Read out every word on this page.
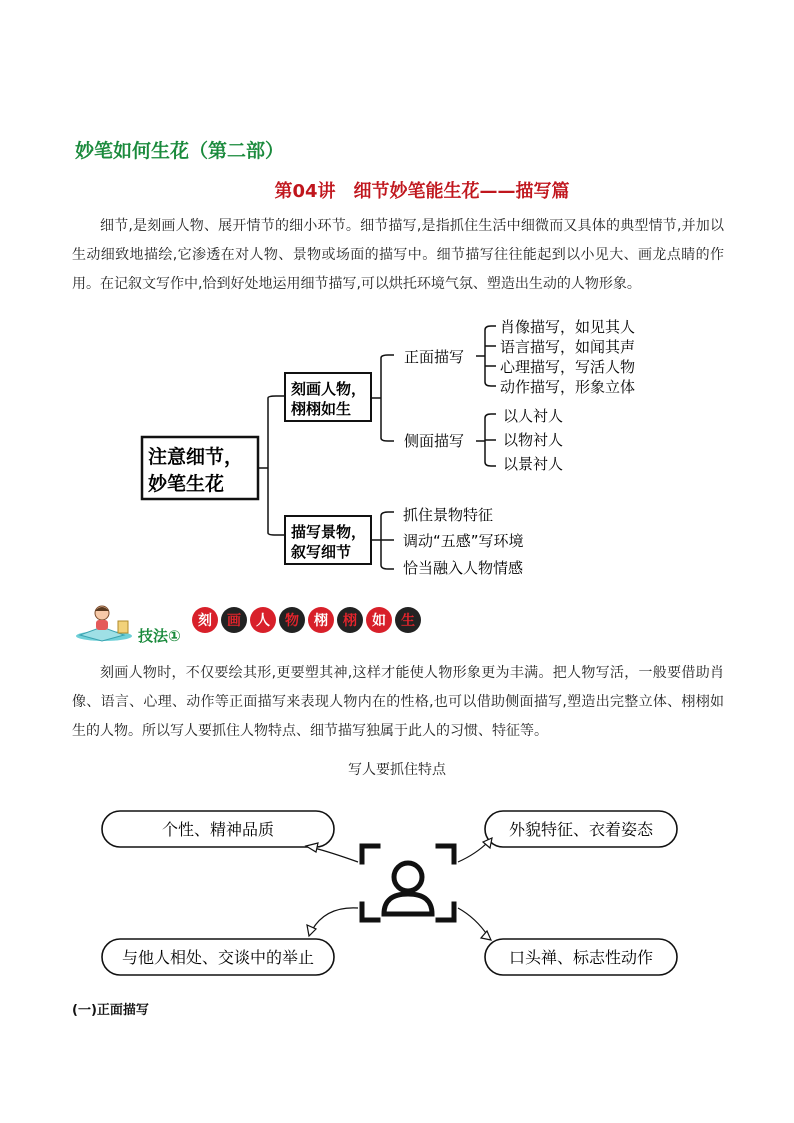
妙笔如何生花（第二部）
第04讲　细节妙笔能生花——描写篇
细节,是刻画人物、展开情节的细小环节。细节描写,是指抓住生活中细微而又具体的典型情节,并加以生动细致地描绘,它渗透在对人物、景物或场面的描写中。细节描写往往能起到以小见大、画龙点睛的作用。在记叙文写作中,恰到好处地运用细节描写,可以烘托环境气氛、塑造出生动的人物形象。
注意细节，
妙笔生花
刻画人物，
栩栩如生
正面描写
侧面描写
肖像描写，如见其人
语言描写，如闻其声
心理描写，写活人物
动作描写，形象立体
以人衬人
以物衬人
以景衬人
描写景物，
叙写细节
抓住景物特征
调动“五感”写环境
恰当融入人物情感
技法①
刻	画	人	物	栩	栩	如	生
刻画人物时，不仅要绘其形,更要塑其神,这样才能使人物形象更为丰满。把人物写活，一般要借助肖像、语言、心理、动作等正面描写来表现人物内在的性格,也可以借助侧面描写,塑造出完整立体、栩栩如生的人物。所以写人要抓住人物特点、细节描写独属于此人的习惯、特征等。
写人要抓住特点
个性、精神品质	外貌特征、衣着姿态
与他人相处、交谈中的举止	口头禅、标志性动作
(一)正面描写
